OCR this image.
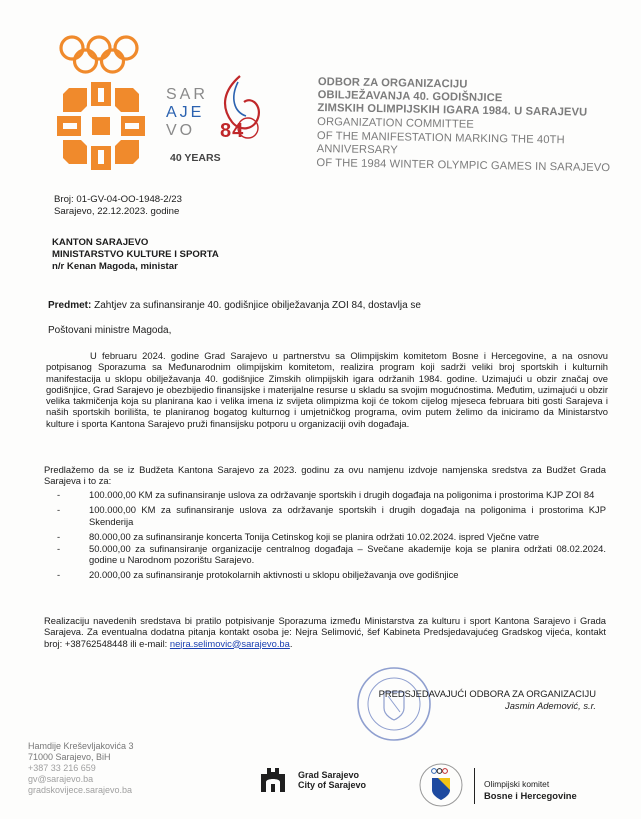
SAR
AJE
VO	84
40 YEARS
ODBOR ZA ORGANIZACIJU
OBILJEŽAVANJA 40. GODIŠNJICE
ZIMSKIH OLIMPIJSKIH IGARA 1984. U SARAJEVU
ORGANIZATION COMMITTEE
OF THE MANIFESTATION MARKING THE 40TH ANNIVERSARY
OF THE 1984 WINTER OLYMPIC GAMES IN SARAJEVO
Broj: 01-GV-04-OO-1948-2/23
Sarajevo, 22.12.2023. godine
KANTON SARAJEVO
MINISTARSTVO KULTURE I SPORTA
n/r Kenan Magoda, ministar
Predmet: Zahtjev za sufinansiranje 40. godišnjice obilježavanja ZOI 84, dostavlja se
Poštovani ministre Magoda,
U februaru 2024. godine Grad Sarajevo u partnerstvu sa Olimpijskim komitetom Bosne i Hercegovine, a na osnovu potpisanog Sporazuma sa Međunarodnim olimpijskim komitetom, realizira program koji sadrži veliki broj sportskih i kulturnih manifestacija u sklopu obilježavanja 40. godišnjice Zimskih olimpijskih igara održanih 1984. godine. Uzimajući u obzir značaj ove godišnjice, Grad Sarajevo je obezbijedio finansijske i materijalne resurse u skladu sa svojim mogućnostima. Međutim, uzimajući u obzir velika takmičenja koja su planirana kao i velika imena iz svijeta olimpizma koji će tokom cijelog mjeseca februara biti gosti Sarajeva i naših sportskih borilišta, te planiranog bogatog kulturnog i umjetničkog programa, ovim putem želimo da iniciramo da Ministarstvo kulture i sporta Kantona Sarajevo pruži finansijsku potporu u organizaciji ovih događaja.
Predlažemo da se iz Budžeta Kantona Sarajevo za 2023. godinu za ovu namjenu izdvoje namjenska sredstva za Budžet Grada Sarajeva i to za:
- 100.000,00 KM za sufinansiranje uslova za održavanje sportskih i drugih događaja na poligonima i prostorima KJP ZOI 84
- 100.000,00 KM za sufinansiranje uslova za održavanje sportskih i drugih događaja na poligonima i prostorima KJP Skenderija
- 80.000,00 za sufinansiranje koncerta Tonija Cetinskog koji se planira održati 10.02.2024. ispred Vječne vatre
- 50.000,00 za sufinansiranje organizacije centralnog događaja – Svečane akademije koja se planira održati 08.02.2024. godine u Narodnom pozorištu Sarajevo.
- 20.000,00 za sufinansiranje protokolarnih aktivnosti u sklopu obilježavanja ove godišnjice
Realizaciju navedenih sredstava bi pratilo potpisivanje Sporazuma između Ministarstva za kulturu i sport Kantona Sarajevo i Grada Sarajeva. Za eventualna dodatna pitanja kontakt osoba je: Nejra Selimović, šef Kabineta Predsjedavajućeg Gradskog vijeća, kontakt broj: +38762548448 ili e-mail: nejra.selimovic@sarajevo.ba.
PREDSJEDAVAJUĆI ODBORA ZA ORGANIZACIJU
Jasmin Ademović, s.r.
Hamdije Kreševljakovića 3
71000 Sarajevo, BiH
+387 33 216 659
gv@sarajevo.ba
gradskovijece.sarajevo.ba
Grad Sarajevo
City of Sarajevo	Olimpijski komitet
Bosne i Hercegovine
